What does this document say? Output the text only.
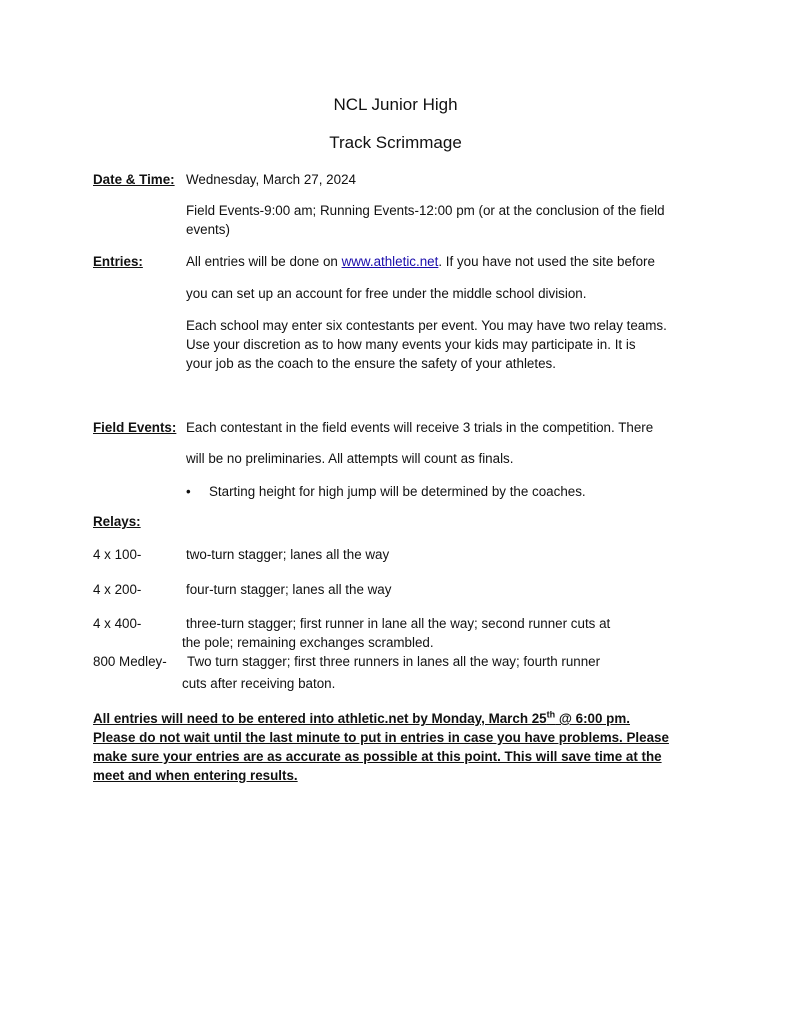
NCL Junior High
Track Scrimmage
Date & Time: Wednesday, March 27, 2024
Field Events-9:00 am; Running Events-12:00 pm (or at the conclusion of the field
events)
Entries:	All entries will be done on www.athletic.net. If you have not used the site before
you can set up an account for free under the middle school division.
Each school may enter six contestants per event. You may have two relay teams.
Use your discretion as to how many events your kids may participate in. It is
your job as the coach to the ensure the safety of your athletes.
Field Events: Each contestant in the field events will receive 3 trials in the competition. There
will be no preliminaries. All attempts will count as finals.
• Starting height for high jump will be determined by the coaches.
Relays:
4 x 100-	two-turn stagger; lanes all the way
4 x 200-	four-turn stagger; lanes all the way
4 x 400-	three-turn stagger; first runner in lane all the way; second runner cuts at
the pole; remaining exchanges scrambled.
800 Medley- Two turn stagger; first three runners in lanes all the way; fourth runner
cuts after receiving baton.
All entries will need to be entered into athletic.net by Monday, March 25th @ 6:00 pm.
Please do not wait until the last minute to put in entries in case you have problems. Please
make sure your entries are as accurate as possible at this point. This will save time at the
meet and when entering results.
